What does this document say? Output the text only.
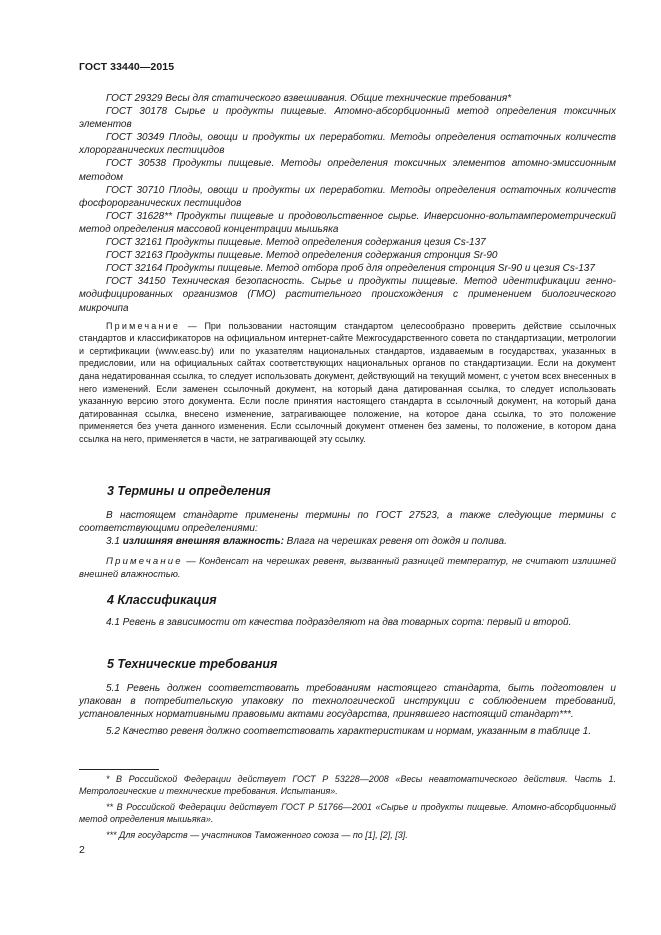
ГОСТ 33440—2015

ГОСТ 29329 Весы для статического взвешивания. Общие технические требования*

ГОСТ 30178 Сырье и продукты пищевые. Атомно-абсорбционный метод определения токсичных элементов

ГОСТ 30349 Плоды, овощи и продукты их переработки. Методы определения остаточных количеств хлорорганических пестицидов

ГОСТ 30538 Продукты пищевые. Методы определения токсичных элементов атомно-эмиссионным методом

ГОСТ 30710 Плоды, овощи и продукты их переработки. Методы определения остаточных количеств фосфорорганических пестицидов

ГОСТ 31628** Продукты пищевые и продовольственное сырье. Инверсионно-вольтамперометрический метод определения массовой концентрации мышьяка

ГОСТ 32161 Продукты пищевые. Метод определения содержания цезия Cs-137

ГОСТ 32163 Продукты пищевые. Метод определения содержания стронция Sr-90

ГОСТ 32164 Продукты пищевые. Метод отбора проб для определения стронция Sr-90 и цезия Cs-137

ГОСТ 34150 Техническая безопасность. Сырье и продукты пищевые. Метод идентификации генно-модифицированных организмов (ГМО) растительного происхождения с применением биологического микрочипа

Примечание — При пользовании настоящим стандартом целесообразно проверить действие ссылочных стандартов и классификаторов на официальном интернет-сайте Межгосударственного совета по стандартизации, метрологии и сертификации (www.easc.by) или по указателям национальных стандартов, издаваемым в государствах, указанных в предисловии, или на официальных сайтах соответствующих национальных органов по стандартизации. Если на документ дана недатированная ссылка, то следует использовать документ, действующий на текущий момент, с учетом всех внесенных в него изменений. Если заменен ссылочный документ, на который дана датированная ссылка, то следует использовать указанную версию этого документа. Если после принятия настоящего стандарта в ссылочный документ, на который дана датированная ссылка, внесено изменение, затрагивающее положение, на которое дана ссылка, то это положение применяется без учета данного изменения. Если ссылочный документ отменен без замены, то положение, в котором дана ссылка на него, применяется в части, не затрагивающей эту ссылку.

3 Термины и определения

В настоящем стандарте применены термины по ГОСТ 27523, а также следующие термины с соответствующими определениями:

3.1 излишняя внешняя влажность: Влага на черешках ревеня от дождя и полива.

Примечание — Конденсат на черешках ревеня, вызванный разницей температур, не считают излишней внешней влажностью.

4 Классификация

4.1 Ревень в зависимости от качества подразделяют на два товарных сорта: первый и второй.

5 Технические требования

5.1 Ревень должен соответствовать требованиям настоящего стандарта, быть подготовлен и упакован в потребительскую упаковку по технологической инструкции с соблюдением требований, установленных нормативными правовыми актами государства, принявшего настоящий стандарт***.

5.2 Качество ревеня должно соответствовать характеристикам и нормам, указанным в таблице 1.

* В Российской Федерации действует ГОСТ Р 53228—2008 «Весы неавтоматического действия. Часть 1. Метрологические и технические требования. Испытания».

** В Российской Федерации действует ГОСТ Р 51766—2001 «Сырье и продукты пищевые. Атомно-абсорбционный метод определения мышьяка».

*** Для государств — участников Таможенного союза — по [1], [2], [3].

2
